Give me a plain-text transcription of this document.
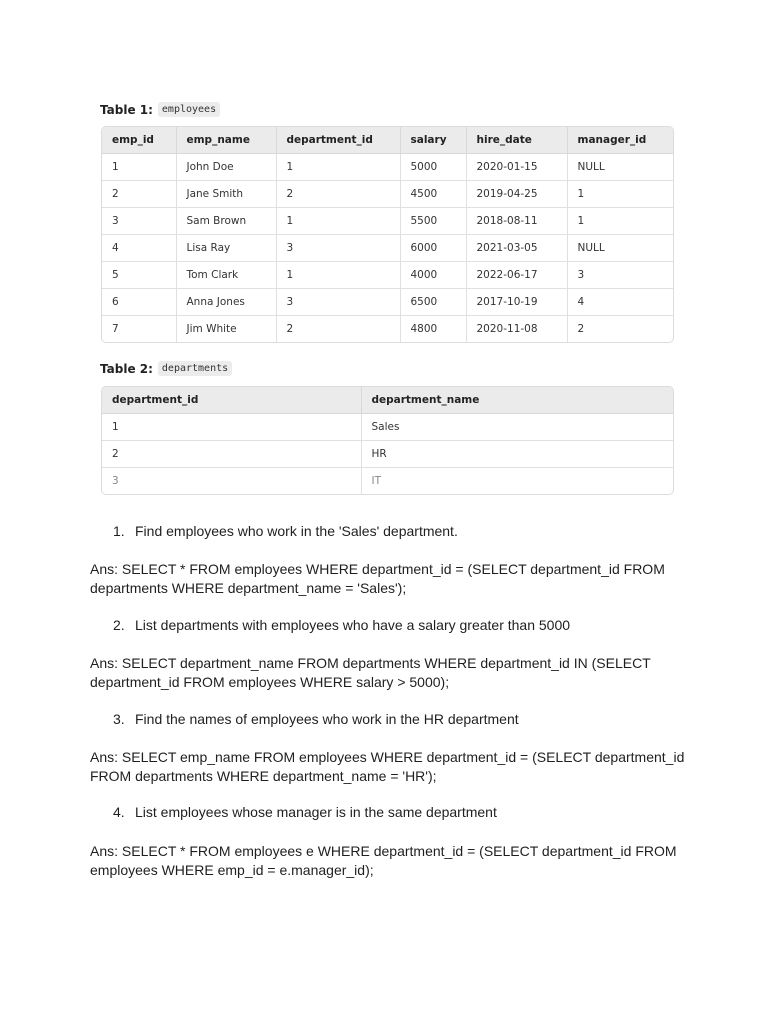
Table 1: employees
emp_id	emp_name	department_id	salary	hire_date	manager_id
1	John Doe	1	5000	2020-01-15	NULL
2	Jane Smith	2	4500	2019-04-25	1
3	Sam Brown	1	5500	2018-08-11	1
4	Lisa Ray	3	6000	2021-03-05	NULL
5	Tom Clark	1	4000	2022-06-17	3
6	Anna Jones	3	6500	2017-10-19	4
7	Jim White	2	4800	2020-11-08	2
Table 2: departments
department_id	department_name
1	Sales
2	HR
3	IT
1. Find employees who work in the 'Sales' department.
Ans: SELECT * FROM employees WHERE department_id = (SELECT department_id FROM
departments WHERE department_name = 'Sales');
2. List departments with employees who have a salary greater than 5000
Ans: SELECT department_name FROM departments WHERE department_id IN (SELECT
department_id FROM employees WHERE salary > 5000);
3. Find the names of employees who work in the HR department
Ans: SELECT emp_name FROM employees WHERE department_id = (SELECT department_id
FROM departments WHERE department_name = 'HR');
4. List employees whose manager is in the same department
Ans: SELECT * FROM employees e WHERE department_id = (SELECT department_id FROM
employees WHERE emp_id = e.manager_id);
